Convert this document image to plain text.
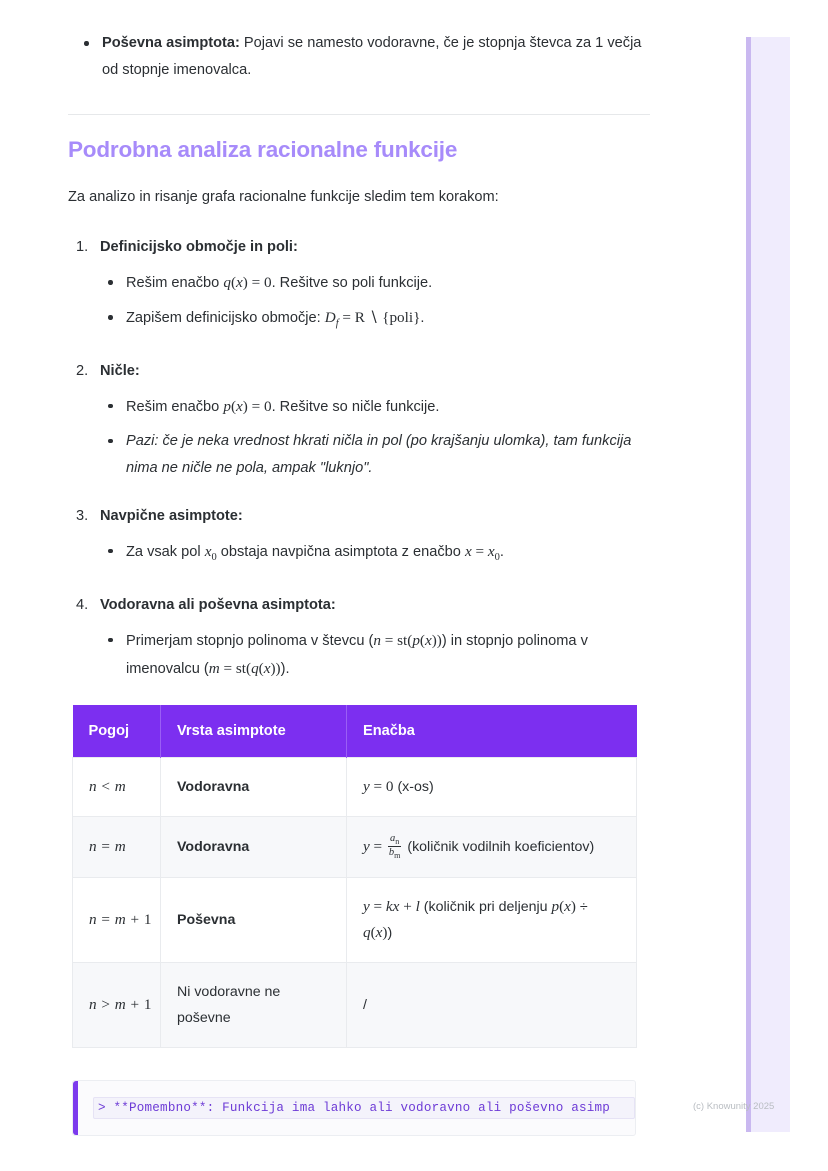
Poševna asimptota: Pojavi se namesto vodoravne, če je stopnja števca za 1 večja od stopnje imenovalca.
Podrobna analiza racionalne funkcije

Za analizo in risanje grafa racionalne funkcije sledim tem korakom:

Definicijsko območje in poli:
Rešim enačbo q(x) = 0. Rešitve so poli funkcije.
Zapišem definicijsko območje: $D_f = R$ ∖ {poli}.
Ničle:
Rešim enačbo p(x) = 0. Rešitve so ničle funkcije.
Pazi: če je neka vrednost hkrati ničla in pol (po krajšanju ulomka), tam funkcija nima ne ničle ne pola, ampak "luknjo".
Navpične asimptote:
Za vsak pol $x_0$ obstaja navpična asimptota z enačbo $x = x_0$.
Vodoravna ali poševna asimptota:
Primerjam stopnjo polinoma v števcu (n = st(p(x))) in stopnjo polinoma v imenovalcu (m = st(q(x))).
Pogoj	Vrsta asimptote	Enačba
n < m	Vodoravna	y = 0 (x-os)
n = m	Vodoravna	$y = \frac{a_n}{b_m}$ (količnik vodilnih koeficientov)
n = m + 1	Poševna	y = kx + l (količnik pri deljenju p(x) ÷ q(x))
n > m + 1	Ni vodoravne ne poševne	/
> **Pomembno**: Funkcija ima lahko ali vodoravno ali poševno asimp	(c) Knowunity 2025
